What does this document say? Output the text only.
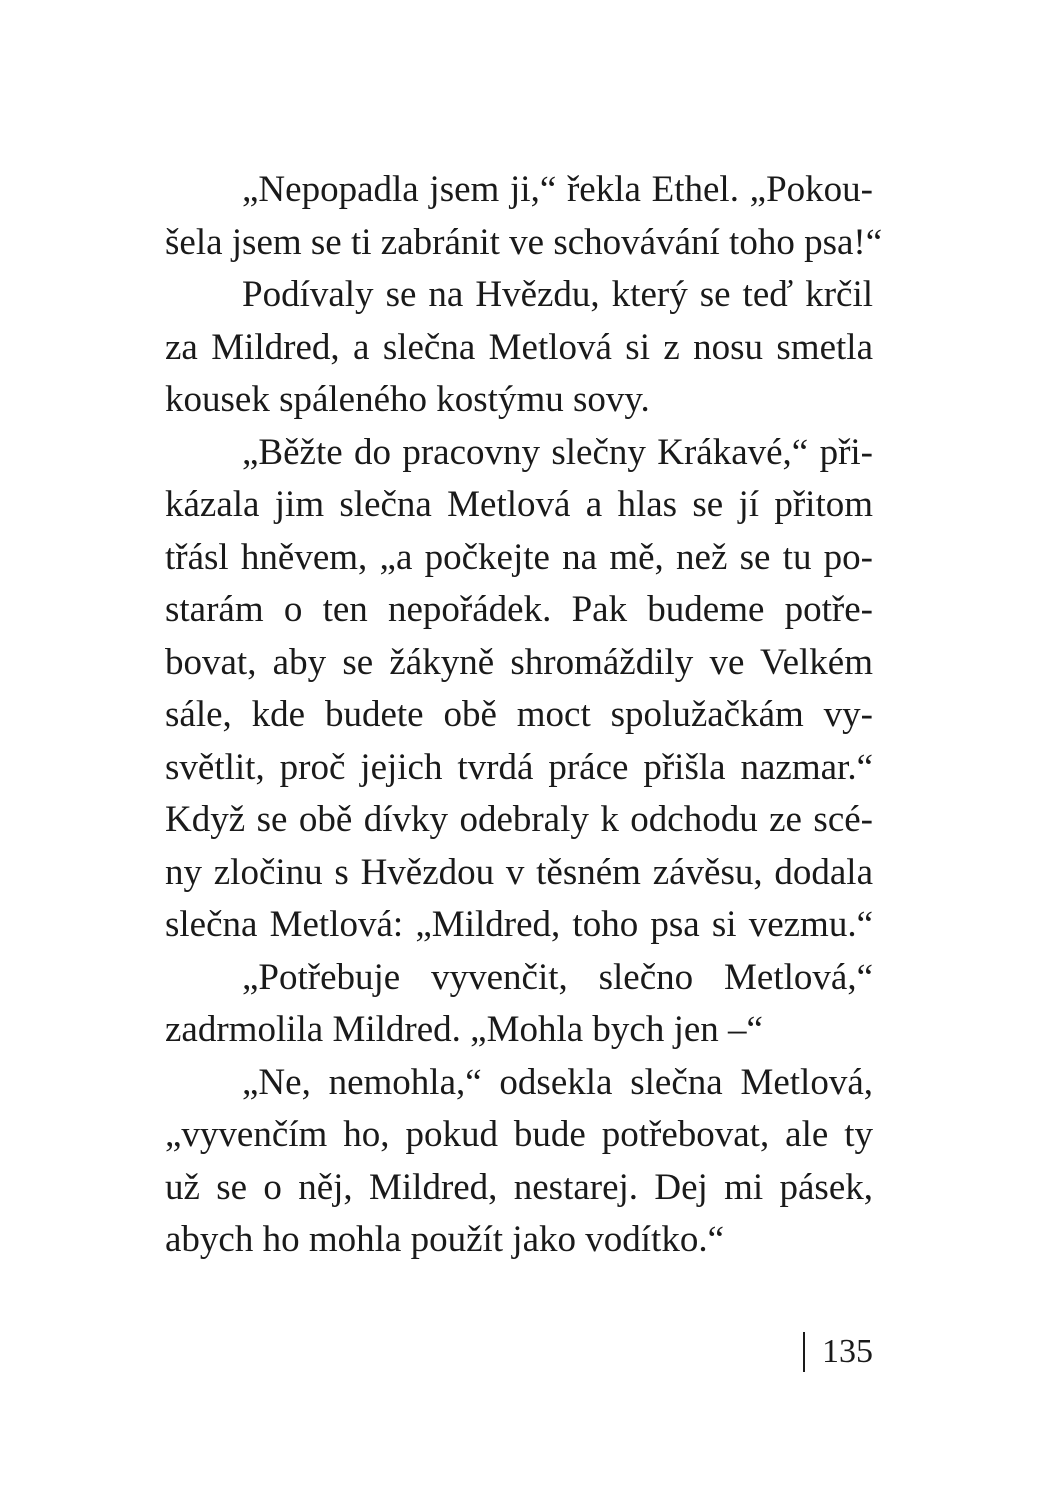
„Nepopadla jsem ji,“ řekla Ethel. „Pokou-
šela jsem se ti zabránit ve schovávání toho psa!“
Podívaly se na Hvězdu, který se teď krčil
za Mildred, a slečna Metlová si z nosu smetla
kousek spáleného kostýmu sovy.
„Běžte do pracovny slečny Krákavé,“ při-
kázala jim slečna Metlová a hlas se jí přitom
třásl hněvem, „a počkejte na mě, než se tu po-
starám o ten nepořádek. Pak budeme potře-
bovat, aby se žákyně shromáždily ve Velkém
sále, kde budete obě moct spolužačkám vy-
světlit, proč jejich tvrdá práce přišla nazmar.“
Když se obě dívky odebraly k odchodu ze scé-
ny zločinu s Hvězdou v těsném závěsu, dodala
slečna Metlová: „Mildred, toho psa si vezmu.“
„Potřebuje vyvenčit, slečno Metlová,“
zadrmolila Mildred. „Mohla bych jen –“
„Ne, nemohla,“ odsekla slečna Metlová,
„vyvenčím ho, pokud bude potřebovat, ale ty
už se o něj, Mildred, nestarej. Dej mi pásek,
abych ho mohla použít jako vodítko.“
135
